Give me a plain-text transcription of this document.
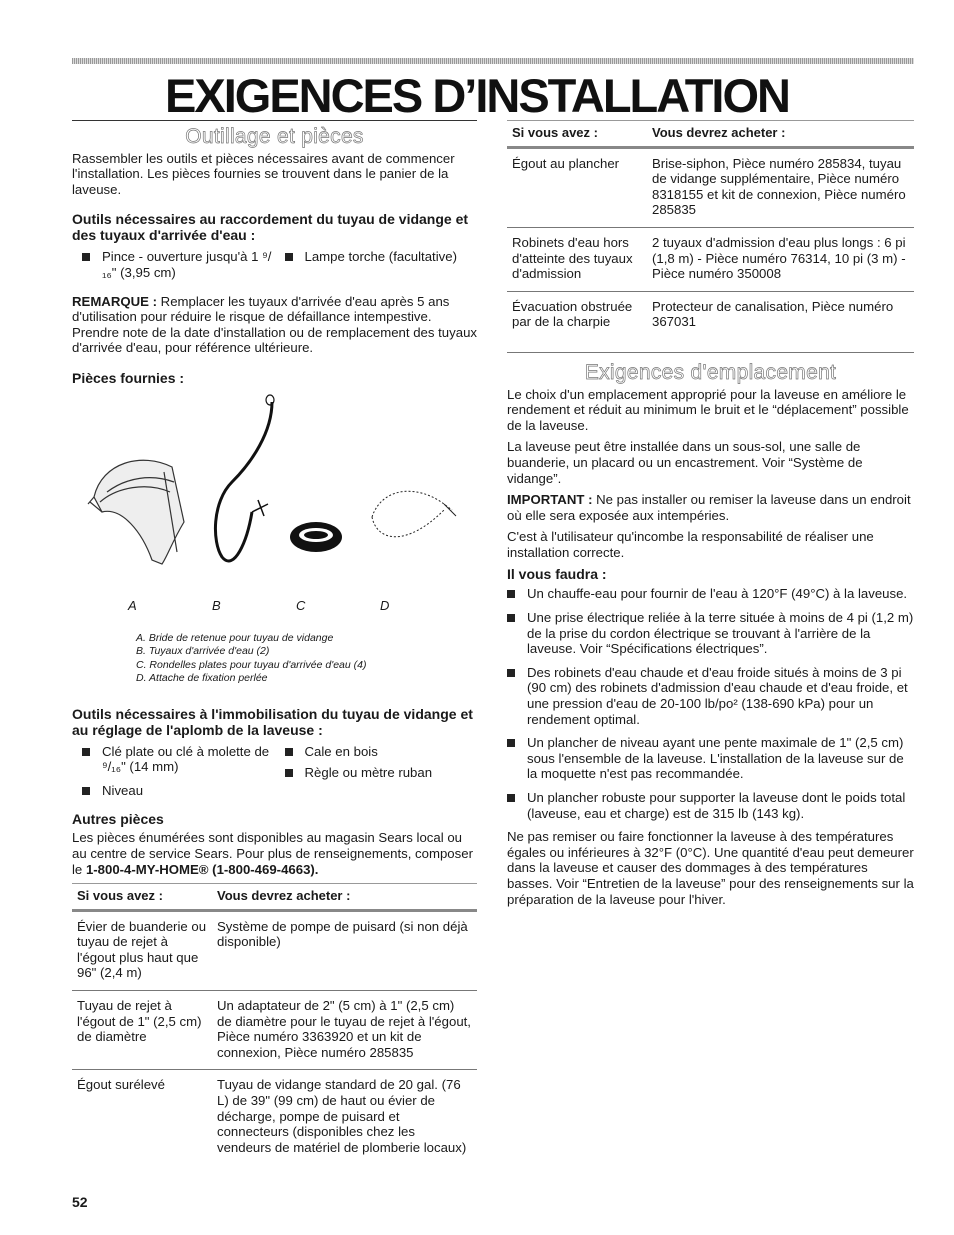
EXIGENCES D’INSTALLATION
Outillage et pièces

Rassembler les outils et pièces nécessaires avant de commencer l'installation. Les pièces fournies se trouvent dans le panier de la laveuse.

Outils nécessaires au raccordement du tuyau de vidange et des tuyaux d'arrivée d'eau :
Pince - ouverture jusqu'à 1 ⁹/₁₆" (3,95 cm)
Lampe torche (facultative)

REMARQUE : Remplacer les tuyaux d'arrivée d'eau après 5 ans d'utilisation pour réduire le risque de défaillance intempestive. Prendre note de la date d'installation ou de remplacement des tuyaux d'arrivée d'eau, pour référence ultérieure.

Pièces fournies :
A	B	C	D
A. Bride de retenue pour tuyau de vidange
B. Tuyaux d'arrivée d'eau (2)
C. Rondelles plates pour tuyau d'arrivée d'eau (4)
D. Attache de fixation perlée
Outils nécessaires à l'immobilisation du tuyau de vidange et au réglage de l'aplomb de la laveuse :
Clé plate ou clé à molette de ⁹/₁₆" (14 mm)
Niveau
Cale en bois
Règle ou mètre ruban
Autres pièces

Les pièces énumérées sont disponibles au magasin Sears local ou au centre de service Sears. Pour plus de renseignements, composer le 1-800-4-MY-HOME® (1-800-469-4663).

Si vous avez :	Vous devrez acheter :
Évier de buanderie ou tuyau de rejet à l'égout plus haut que 96" (2,4 m)	Système de pompe de puisard (si non déjà disponible)
Tuyau de rejet à l'égout de 1" (2,5 cm) de diamètre	Un adaptateur de 2" (5 cm) à 1" (2,5 cm) de diamètre pour le tuyau de rejet à l'égout, Pièce numéro 3363920 et un kit de connexion, Pièce numéro 285835
Égout surélevé	Tuyau de vidange standard de 20 gal. (76 L) de 39" (99 cm) de haut ou évier de décharge, pompe de puisard et connecteurs (disponibles chez les vendeurs de matériel de plomberie locaux)
Si vous avez :	Vous devrez acheter :
Égout au plancher	Brise-siphon, Pièce numéro 285834, tuyau de vidange supplémentaire, Pièce numéro 8318155 et kit de connexion, Pièce numéro 285835
Robinets d'eau hors d'atteinte des tuyaux d'admission	2 tuyaux d'admission d'eau plus longs : 6 pi (1,8 m) - Pièce numéro 76314, 10 pi (3 m) - Pièce numéro 350008
Évacuation obstruée par de la charpie	Protecteur de canalisation, Pièce numéro 367031
Exigences d'emplacement

Le choix d'un emplacement approprié pour la laveuse en améliore le rendement et réduit au minimum le bruit et le “déplacement” possible de la laveuse.

La laveuse peut être installée dans un sous-sol, une salle de buanderie, un placard ou un encastrement. Voir “Système de vidange”.

IMPORTANT : Ne pas installer ou remiser la laveuse dans un endroit où elle sera exposée aux intempéries.

C'est à l'utilisateur qu'incombe la responsabilité de réaliser une installation correcte.

Il vous faudra :
Un chauffe-eau pour fournir de l'eau à 120°F (49°C) à la laveuse.
Une prise électrique reliée à la terre située à moins de 4 pi (1,2 m) de la prise du cordon électrique se trouvant à l'arrière de la laveuse. Voir “Spécifications électriques”.
Des robinets d'eau chaude et d'eau froide situés à moins de 3 pi (90 cm) des robinets d'admission d'eau chaude et d'eau froide, et une pression d'eau de 20-100 lb/po² (138-690 kPa) pour un rendement optimal.
Un plancher de niveau ayant une pente maximale de 1" (2,5 cm) sous l'ensemble de la laveuse. L'installation de la laveuse sur de la moquette n'est pas recommandée.
Un plancher robuste pour supporter la laveuse dont le poids total (laveuse, eau et charge) est de 315 lb (143 kg).

Ne pas remiser ou faire fonctionner la laveuse à des températures égales ou inférieures à 32°F (0°C). Une quantité d'eau peut demeurer dans la laveuse et causer des dommages à des températures basses. Voir “Entretien de la laveuse” pour des renseignements sur la préparation de la laveuse pour l'hiver.

52
